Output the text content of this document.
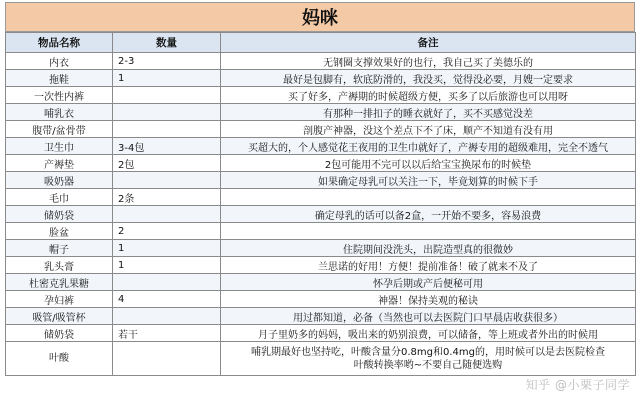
妈咪
物品名称	数量	备注
内衣	2-3	无钢圈支撑效果好的也行，我自己买了美德乐的
拖鞋	1	最好是包脚有，软底防滑的，我没买，觉得没必要，月嫂一定要求
一次性内裤		买了好多，产褥期的时候超级方便，买多了以后旅游也可以用呀
哺乳衣		有那种一排扣子的睡衣就好了，买不买感觉没差
腹带/盆骨带		剖腹产神器，没这个差点下不了床，顺产不知道有没有用
卫生巾	3-4包	买超大的，个人感觉花王夜用的卫生巾就好了，产褥专用的超级难用，完全不透气
产褥垫	2包	2包可能用不完可以以后给宝宝换尿布的时候垫
吸奶器		如果确定母乳可以关注一下，毕竟划算的时候下手
毛巾	2条	
储奶袋		确定母乳的话可以备2盒，一开始不要多，容易浪费
脸盆	2	
帽子	1	住院期间没洗头，出院造型真的很微妙
乳头膏	1	兰思诺的好用！方便！提前准备！破了就来不及了
杜密克乳果糖		怀孕后期或产后便秘可用
孕妇裤	4	神器！保持美观的秘诀
吸管/吸管杯		用过都知道，必备（当然也可以去医院门口早晨店收获很多）
储奶袋	若干	月子里奶多的妈妈，吸出来的奶别浪费，可以储备，等上班或者外出的时候用
叶酸		哺乳期最好也坚持吃，叶酸含量分0.8mg和0.4mg的，用时候可以是去医院检查
叶酸转换率哟~不要自己随便选购
知乎 @小栗子同学
